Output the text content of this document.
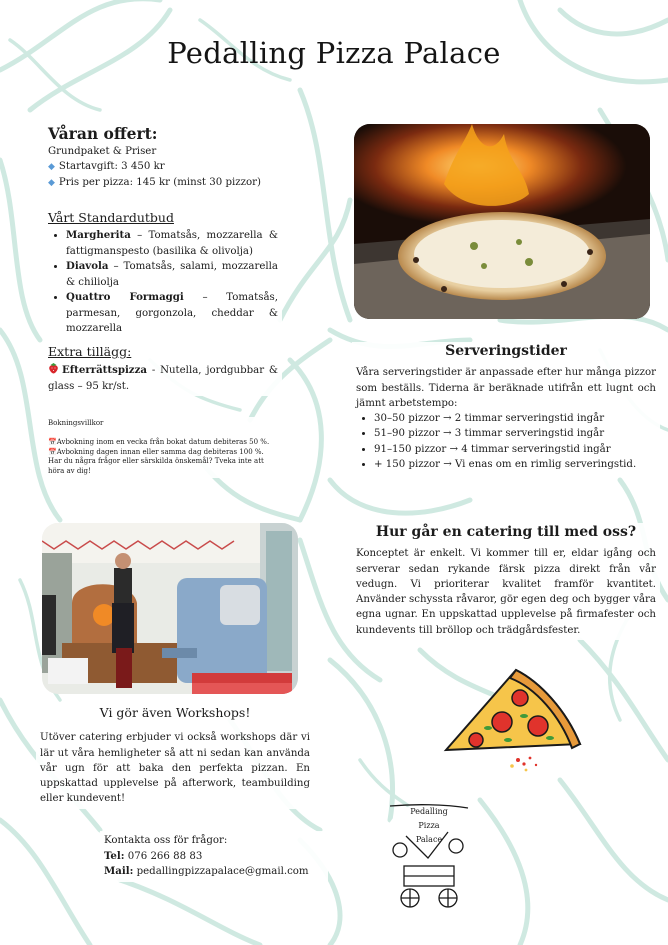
Pedalling Pizza Palace
Våran offert:
Grundpaket & Priser
◆ Startavgift: 3 450 kr
◆ Pris per pizza: 145 kr (minst 30 pizzor)
Vårt Standardutbud
• Margherita – Tomatsås, mozzarella & fattigmanspesto (basilika & olivolja)
• Diavola – Tomatsås, salami, mozzarella & chiliolja
• Quattro Formaggi – Tomatsås, parmesan, gorgonzola, cheddar & mozzarella
Extra tillägg:
Efterrättspizza - Nutella, jordgubbar & glass – 95 kr/st.
Bokningsvillkor
📅Avbokning inom en vecka från bokat datum debiteras 50 %.
📅Avbokning dagen innan eller samma dag debiteras 100 %.
Har du några frågor eller särskilda önskemål? Tveka inte att höra av dig!
Serveringstider
Våra serveringstider är anpassade efter hur många pizzor som beställs. Tiderna är beräknade utifrån ett lugnt och jämnt arbetstempo:
• 30–50 pizzor → 2 timmar serveringstid ingår
• 51–90 pizzor → 3 timmar serveringstid ingår
• 91–150 pizzor → 4 timmar serveringstid ingår
• + 150 pizzor → Vi enas om en rimlig serveringstid.
Hur går en catering till med oss?
Konceptet är enkelt. Vi kommer till er, eldar igång och serverar sedan rykande färsk pizza direkt från vår vedugn. Vi prioriterar kvalitet framför kvantitet. Använder schyssta råvaror, gör egen deg och bygger våra egna ugnar. En uppskattad upplevelse på firmafester och kundevents till bröllop och trädgårdsfester.
Vi gör även Workshops!
Utöver catering erbjuder vi också workshops där vi lär ut våra hemligheter så att ni sedan kan använda vår ugn för att baka den perfekta pizzan. En uppskattad upplevelse på afterwork, teambuilding eller kundevent!
Kontakta oss för frågor:
Tel: 076 266 88 83
Mail: pedallingpizzapalace@gmail.com
Pedalling
Pizza
Palace
